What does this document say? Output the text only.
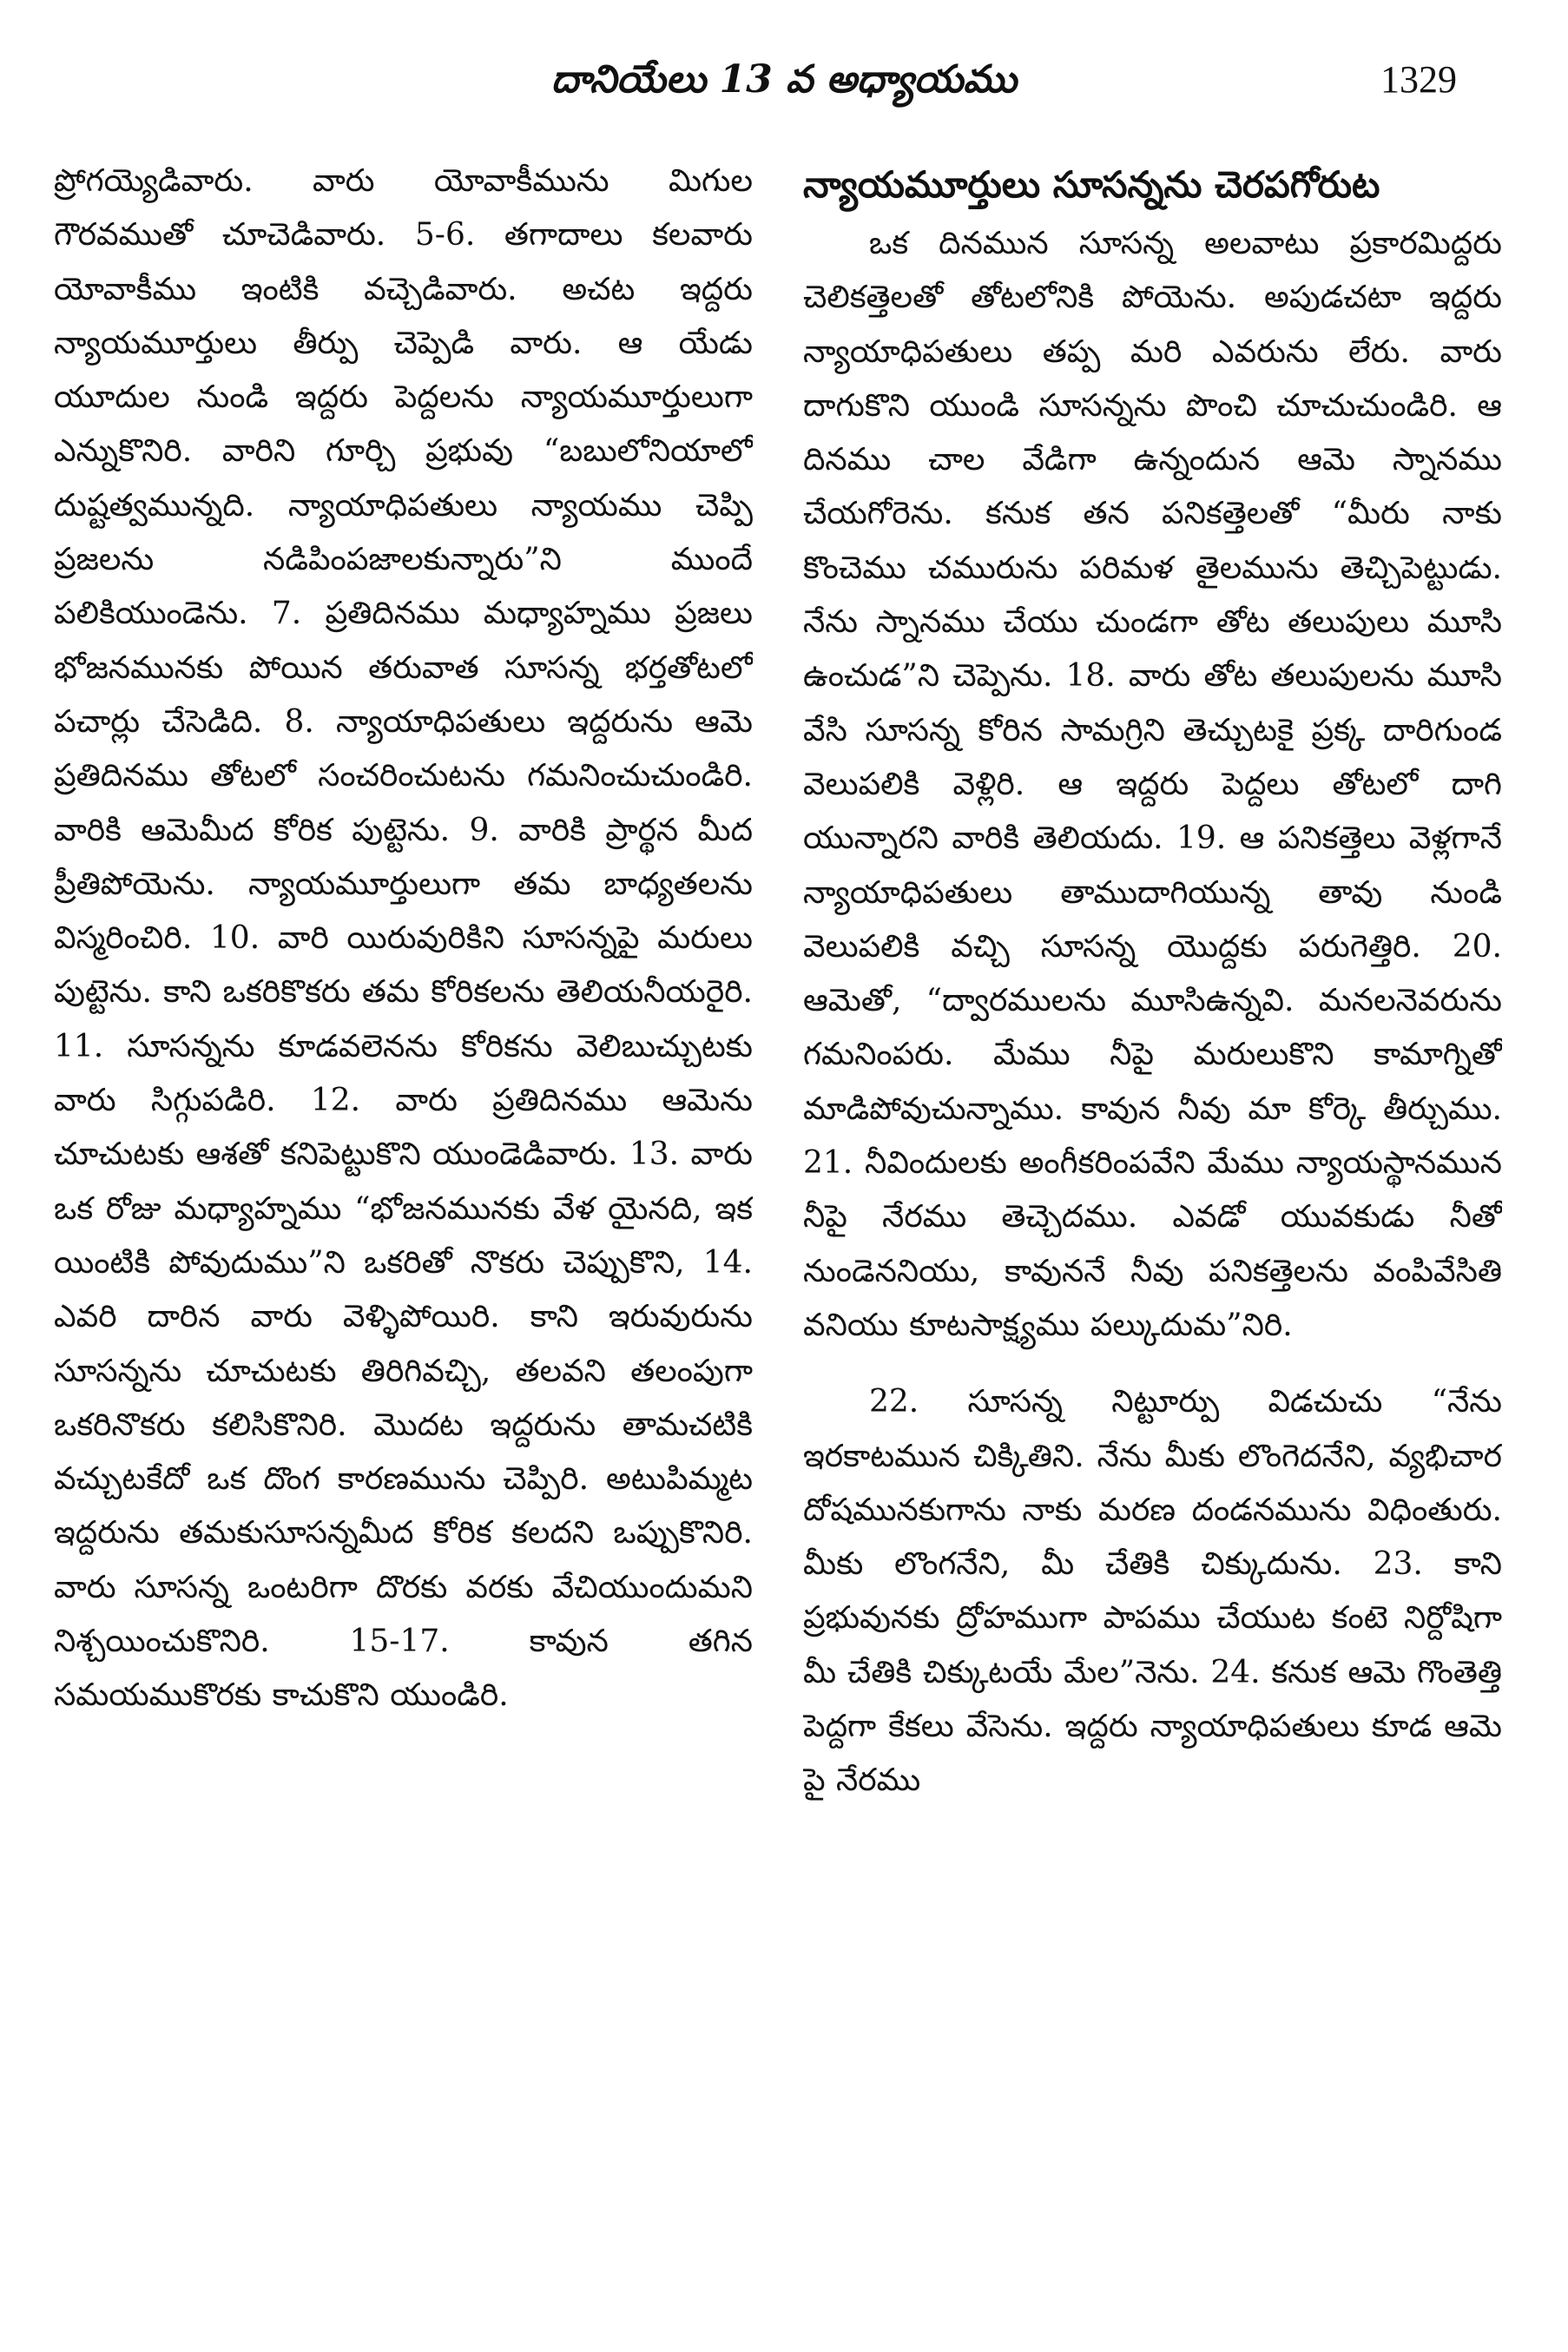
దానియేలు 13 వ అధ్యాయము	1329

ప్రోగయ్యెడివారు. వారు యోవాకీమును మిగుల గౌరవముతో చూచెడివారు. 5-6. తగాదాలు కలవారు యోవాకీము ఇంటికి వచ్చెడివారు. అచట ఇద్దరు న్యాయమూర్తులు తీర్పు చెప్పెడి వారు. ఆ యేడు యూదుల నుండి ఇద్దరు పెద్దలను న్యాయమూర్తులుగా ఎన్నుకొనిరి. వారిని గూర్చి ప్రభువు “బబులోనియాలో దుష్టత్వమున్నది. న్యాయాధిపతులు న్యాయము చెప్పి ప్రజలను నడిపింపజాలకున్నారు”ని ముందే పలికియుండెను. 7. ప్రతిదినము మధ్యాహ్నము ప్రజలు భోజనమునకు పోయిన తరువాత సూసన్న భర్తతోటలో పచార్లు చేసెడిది. 8. న్యాయాధిపతులు ఇద్దరును ఆమె ప్రతిదినము తోటలో సంచరించుటను గమనించుచుండిరి. వారికి ఆమెమీద కోరిక పుట్టెను. 9. వారికి ప్రార్థన మీద ప్రీతిపోయెను. న్యాయమూర్తులుగా తమ బాధ్యతలను విస్మరించిరి. 10. వారి యిరువురికిని సూసన్నపై మరులు పుట్టెను. కాని ఒకరికొకరు తమ కోరికలను తెలియనీయరైరి. 11. సూసన్నను కూడవలెనను కోరికను వెలిబుచ్చుటకు వారు సిగ్గుపడిరి. 12. వారు ప్రతిదినము ఆమెను చూచుటకు ఆశతో కనిపెట్టుకొని యుండెడివారు. 13. వారు ఒక రోజు మధ్యాహ్నము “భోజనమునకు వేళ యైనది, ఇక యింటికి పోవుదుము”ని ఒకరితో నొకరు చెప్పుకొని, 14. ఎవరి దారిన వారు వెళ్ళిపోయిరి. కాని ఇరువురును సూసన్నను చూచుటకు తిరిగివచ్చి, తలవని తలంపుగా ఒకరినొకరు కలిసికొనిరి. మొదట ఇద్దరును తామచటికి వచ్చుటకేదో ఒక దొంగ కారణమును చెప్పిరి. అటుపిమ్మట ఇద్దరును తమకుసూసన్నమీద కోరిక కలదని ఒప్పుకొనిరి. వారు సూసన్న ఒంటరిగా దొరకు వరకు వేచియుందుమని నిశ్చయించుకొనిరి. 15-17. కావున తగిన సమయముకొరకు కాచుకొని యుండిరి.

న్యాయమూర్తులు సూసన్నను చెరపగోరుట

ఒక దినమున సూసన్న అలవాటు ప్రకారమిద్దరు చెలికత్తెలతో తోటలోనికి పోయెను. అపుడచటా ఇద్దరు న్యాయాధిపతులు తప్ప మరి ఎవరును లేరు. వారు దాగుకొని యుండి సూసన్నను పొంచి చూచుచుండిరి. ఆ దినము చాల వేడిగా ఉన్నందున ఆమె స్నానము చేయగోరెను. కనుక తన పనికత్తెలతో “మీరు నాకు కొంచెము చమురును పరిమళ తైలమును తెచ్చిపెట్టుడు. నేను స్నానము చేయు చుండగా తోట తలుపులు మూసి ఉంచుడ”ని చెప్పెను. 18. వారు తోట తలుపులను మూసి వేసి సూసన్న కోరిన సామగ్రిని తెచ్చుటకై ప్రక్క దారిగుండ వెలుపలికి వెళ్లిరి. ఆ ఇద్దరు పెద్దలు తోటలో దాగి యున్నారని వారికి తెలియదు. 19. ఆ పనికత్తెలు వెళ్లగానే న్యాయాధిపతులు తాముదాగియున్న తావు నుండి వెలుపలికి వచ్చి సూసన్న యొద్దకు పరుగెత్తిరి. 20. ఆమెతో, “ద్వారములను మూసిఉన్నవి. మనలనెవరును గమనింపరు. మేము నీపై మరులుకొని కామాగ్నితో మాడిపోవుచున్నాము. కావున నీవు మా కోర్కె తీర్చుము. 21. నీవిందులకు అంగీకరింపవేని మేము న్యాయస్థానమున నీపై నేరము తెచ్చెదము. ఎవడో యువకుడు నీతో నుండెననియు, కావుననే నీవు పనికత్తెలను వంపివేసితి వనియు కూటసాక్ష్యము పల్కుదుమ”నిరి.

22. సూసన్న నిట్టూర్పు విడచుచు “నేను ఇరకాటమున చిక్కితిని. నేను మీకు లొంగెదనేని, వ్యభిచార దోషమునకుగాను నాకు మరణ దండనమును విధింతురు. మీకు లొంగనేని, మీ చేతికి చిక్కుదును. 23. కాని ప్రభువునకు ద్రోహముగా పాపము చేయుట కంటె నిర్దోషిగా మీ చేతికి చిక్కుటయే మేల”నెను. 24. కనుక ఆమె గొంతెత్తి పెద్దగా కేకలు వేసెను. ఇద్దరు న్యాయాధిపతులు కూడ ఆమె పై నేరము
